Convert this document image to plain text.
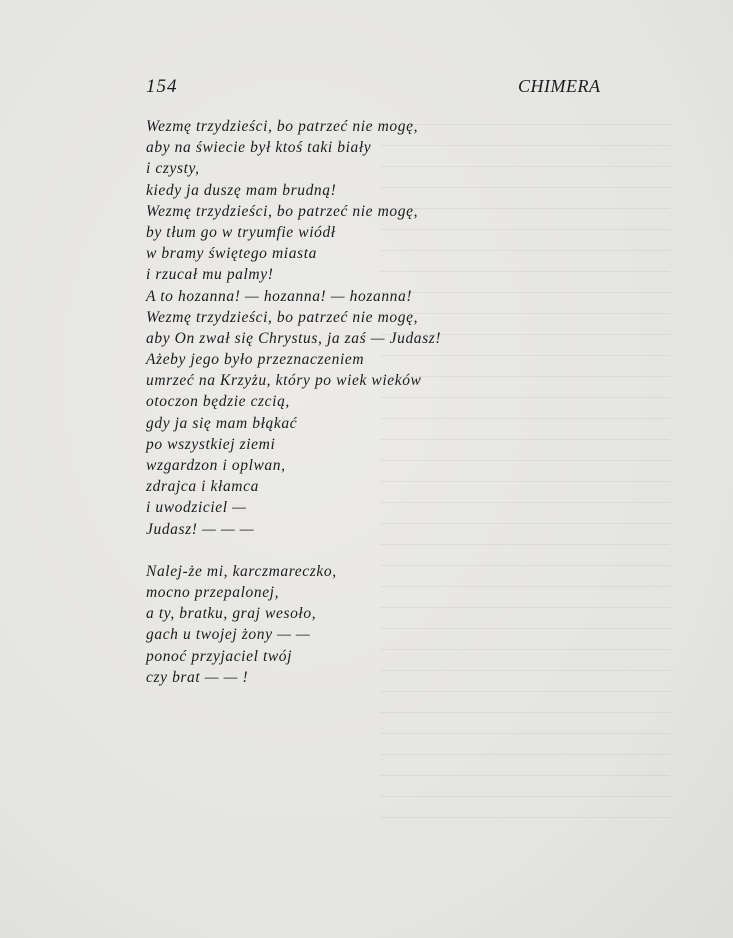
154	CHIMERA
Wezmę trzydzieści, bo patrzeć nie mogę,
aby na świecie był ktoś taki biały
i czysty,
kiedy ja duszę mam brudną!
Wezmę trzydzieści, bo patrzeć nie mogę,
by tłum go w tryumfie wiódł
w bramy świętego miasta
i rzucał mu palmy!
A to hozanna! — hozanna! — hozanna!
Wezmę trzydzieści, bo patrzeć nie mogę,
aby On zwał się Chrystus, ja zaś — Judasz!
Ażeby jego było przeznaczeniem
umrzeć na Krzyżu, który po wiek wieków
otoczon będzie czcią,
gdy ja się mam błąkać
po wszystkiej ziemi
wzgardzon i oplwan,
zdrajca i kłamca
i uwodziciel —
Judasz! — — —
Nalej-że mi, karczmareczko,
mocno przepalonej,
a ty, bratku, graj wesoło,
gach u twojej żony — —
ponoć przyjaciel twój
czy brat — — !
